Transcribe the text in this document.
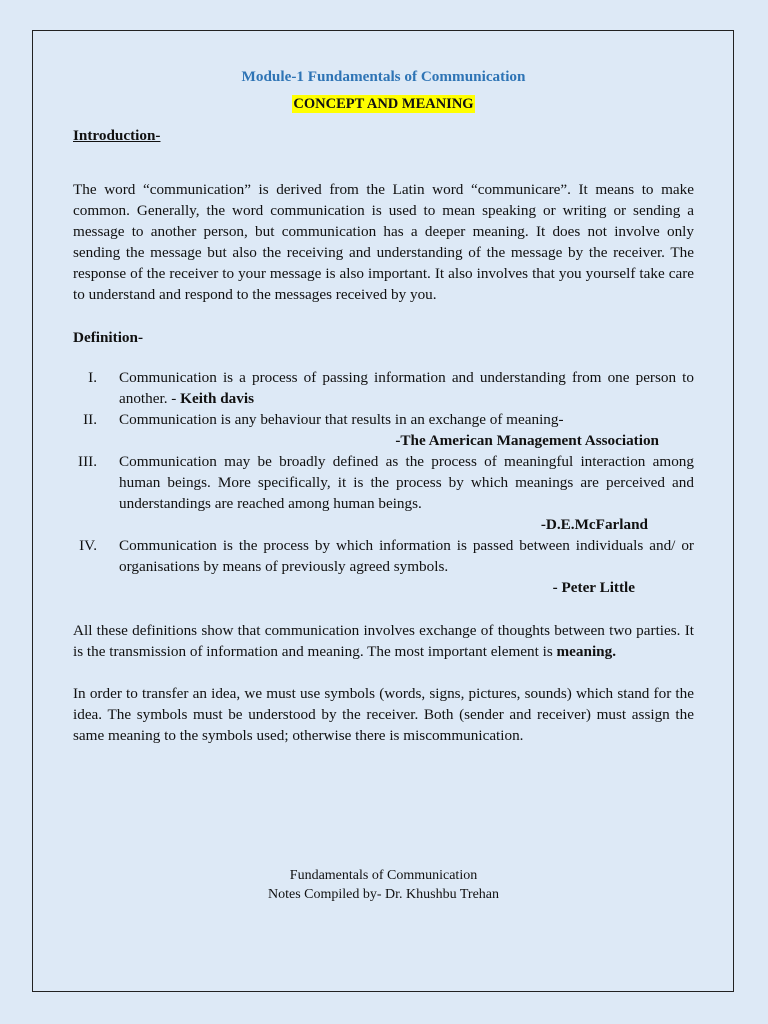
Module-1 Fundamentals of Communication

CONCEPT AND MEANING

Introduction-

The word “communication” is derived from the Latin word “communicare”. It means to make common. Generally, the word communication is used to mean speaking or writing or sending a message to another person, but communication has a deeper meaning. It does not involve only sending the message but also the receiving and understanding of the message by the receiver. The response of the receiver to your message is also important. It also involves that you yourself take care to understand and respond to the messages received by you.

Definition-

I. Communication is a process of passing information and understanding from one person to another. - Keith davis
II. Communication is any behaviour that results in an exchange of meaning-
-The American Management Association
III. Communication may be broadly defined as the process of meaningful interaction among human beings. More specifically, it is the process by which meanings are perceived and understandings are reached among human beings.
-D.E.McFarland
IV. Communication is the process by which information is passed between individuals and/ or organisations by means of previously agreed symbols.
- Peter Little

All these definitions show that communication involves exchange of thoughts between two parties. It is the transmission of information and meaning. The most important element is meaning.

In order to transfer an idea, we must use symbols (words, signs, pictures, sounds) which stand for the idea. The symbols must be understood by the receiver. Both (sender and receiver) must assign the same meaning to the symbols used; otherwise there is miscommunication.

Fundamentals of Communication
Notes Compiled by- Dr. Khushbu Trehan
